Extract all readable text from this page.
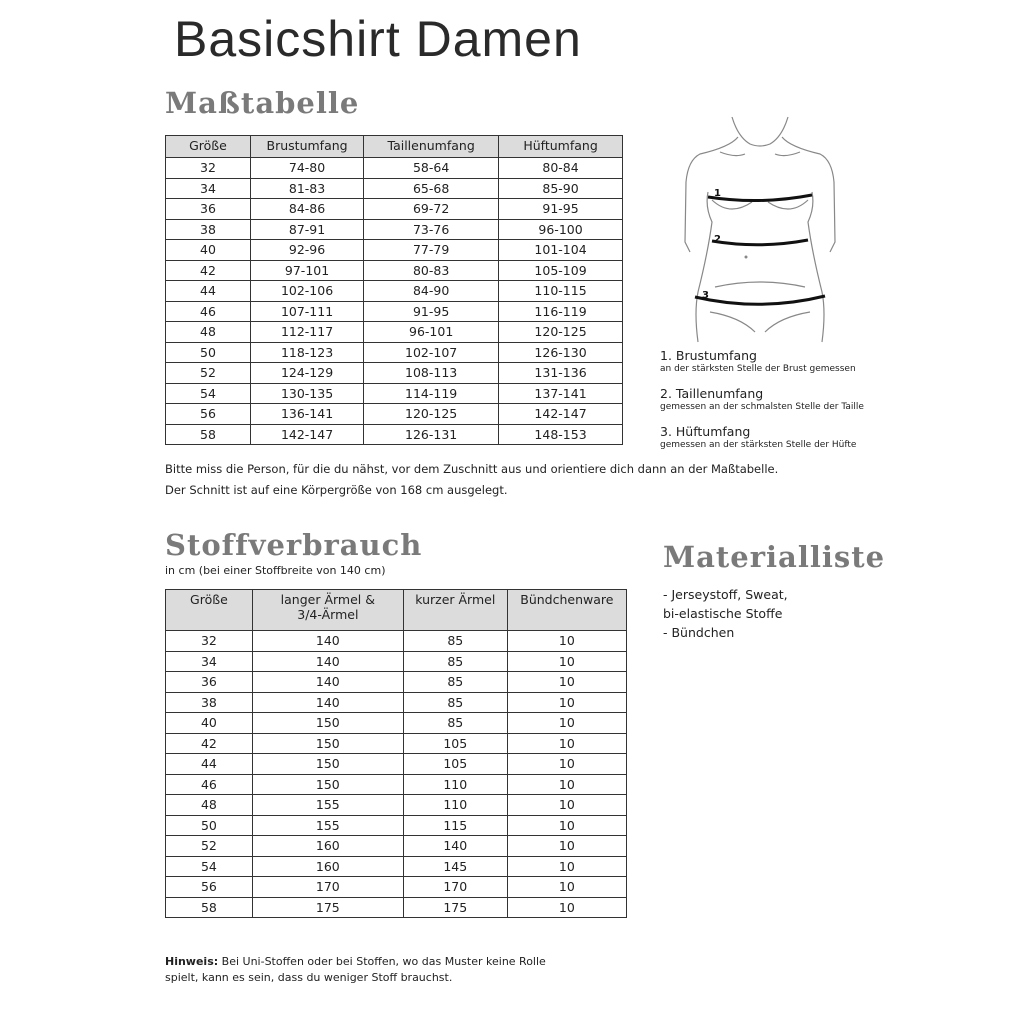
Basicshirt Damen
Maßtabelle
Größe	Brustumfang	Taillenumfang	Hüftumfang
32	74-80	58-64	80-84
34	81-83	65-68	85-90
36	84-86	69-72	91-95
38	87-91	73-76	96-100
40	92-96	77-79	101-104
42	97-101	80-83	105-109
44	102-106	84-90	110-115
46	107-111	91-95	116-119
48	112-117	96-101	120-125
50	118-123	102-107	126-130
52	124-129	108-113	131-136
54	130-135	114-119	137-141
56	136-141	120-125	142-147
58	142-147	126-131	148-153
Bitte miss die Person, für die du nähst, vor dem Zuschnitt aus und orientiere dich dann an der Maßtabelle.
Der Schnitt ist auf eine Körpergröße von 168 cm ausgelegt.
1
2
3
1. Brustumfang
an der stärksten Stelle der Brust gemessen
2. Taillenumfang
gemessen an der schmalsten Stelle der Taille
3. Hüftumfang
gemessen an der stärksten Stelle der Hüfte
Stoffverbrauch
in cm (bei einer Stoffbreite von 140 cm)
Größe	langer Ärmel & 3/4-Ärmel	kurzer Ärmel	Bündchenware
32	140	85	10
34	140	85	10
36	140	85	10
38	140	85	10
40	150	85	10
42	150	105	10
44	150	105	10
46	150	110	10
48	155	110	10
50	155	115	10
52	160	140	10
54	160	145	10
56	170	170	10
58	175	175	10
Hinweis: Bei Uni-Stoffen oder bei Stoffen, wo das Muster keine Rolle
spielt, kann es sein, dass du weniger Stoff brauchst.
Materialliste
- Jerseystoff, Sweat,
bi-elastische Stoffe
- Bündchen
